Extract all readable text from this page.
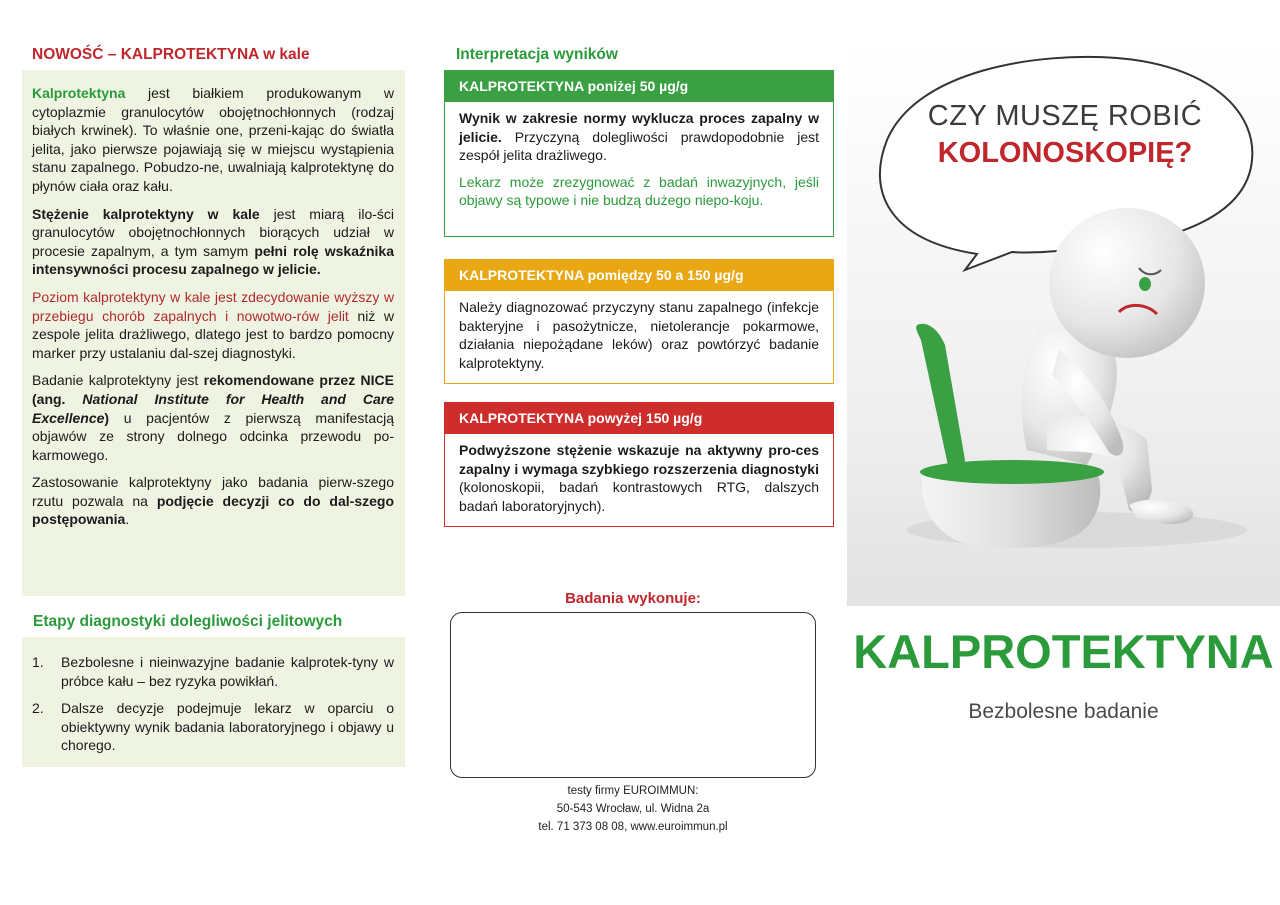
NOWOŚĆ – KALPROTEKTYNA w kale

Kalprotektyna jest białkiem produkowanym w cytoplazmie granulocytów obojętnochłonnych (rodzaj białych krwinek). To właśnie one, przeni-kając do światła jelita, jako pierwsze pojawiają się w miejscu wystąpienia stanu zapalnego. Pobudzo-ne, uwalniają kalprotektynę do płynów ciała oraz kału.

Stężenie kalprotektyny w kale jest miarą ilo-ści granulocytów obojętnochłonnych biorących udział w procesie zapalnym, a tym samym pełni rolę wskaźnika intensywności procesu zapalnego w jelicie.

Poziom kalprotektyny w kale jest zdecydowanie wyższy w przebiegu chorób zapalnych i nowotwo-rów jelit niż w zespole jelita drażliwego, dlatego jest to bardzo pomocny marker przy ustalaniu dal-szej diagnostyki.

Badanie kalprotektyny jest rekomendowane przez NICE (ang. National Institute for Health and Care Excellence) u pacjentów z pierwszą manifestacją objawów ze strony dolnego odcinka przewodu po-karmowego.

Zastosowanie kalprotektyny jako badania pierw-szego rzutu pozwala na podjęcie decyzji co do dal-szego postępowania.

Etapy diagnostyki dolegliwości jelitowych
1.	Bezbolesne i nieinwazyjne badanie kalprotek-tyny w próbce kału – bez ryzyka powikłań.
2.	Dalsze decyzje podejmuje lekarz w oparciu o obiektywny wynik badania laboratoryjnego i objawy u chorego.
Interpretacja wyników
KALPROTEKTYNA poniżej 50 µg/g

Wynik w zakresie normy wyklucza proces zapalny w jelicie. Przyczyną dolegliwości prawdopodobnie jest zespół jelita drażliwego.

Lekarz może zrezygnować z badań inwazyjnych, jeśli objawy są typowe i nie budzą dużego niepo-koju.

KALPROTEKTYNA pomiędzy 50 a 150 µg/g

Należy diagnozować przyczyny stanu zapalnego (infekcje bakteryjne i pasożytnicze, nietolerancje pokarmowe, działania niepożądane leków) oraz powtórzyć badanie kalprotektyny.

KALPROTEKTYNA powyżej 150 µg/g

Podwyższone stężenie wskazuje na aktywny pro-ces zapalny i wymaga szybkiego rozszerzenia diagnostyki (kolonoskopii, badań kontrastowych RTG, dalszych badań laboratoryjnych).

Badania wykonuje:
testy firmy EUROIMMUN:
50-543 Wrocław, ul. Widna 2a
tel. 71 373 08 08, www.euroimmun.pl
CZY MUSZĘ ROBIĆ
KOLONOSKOPIĘ?
KALPROTEKTYNA
Bezbolesne badanie
